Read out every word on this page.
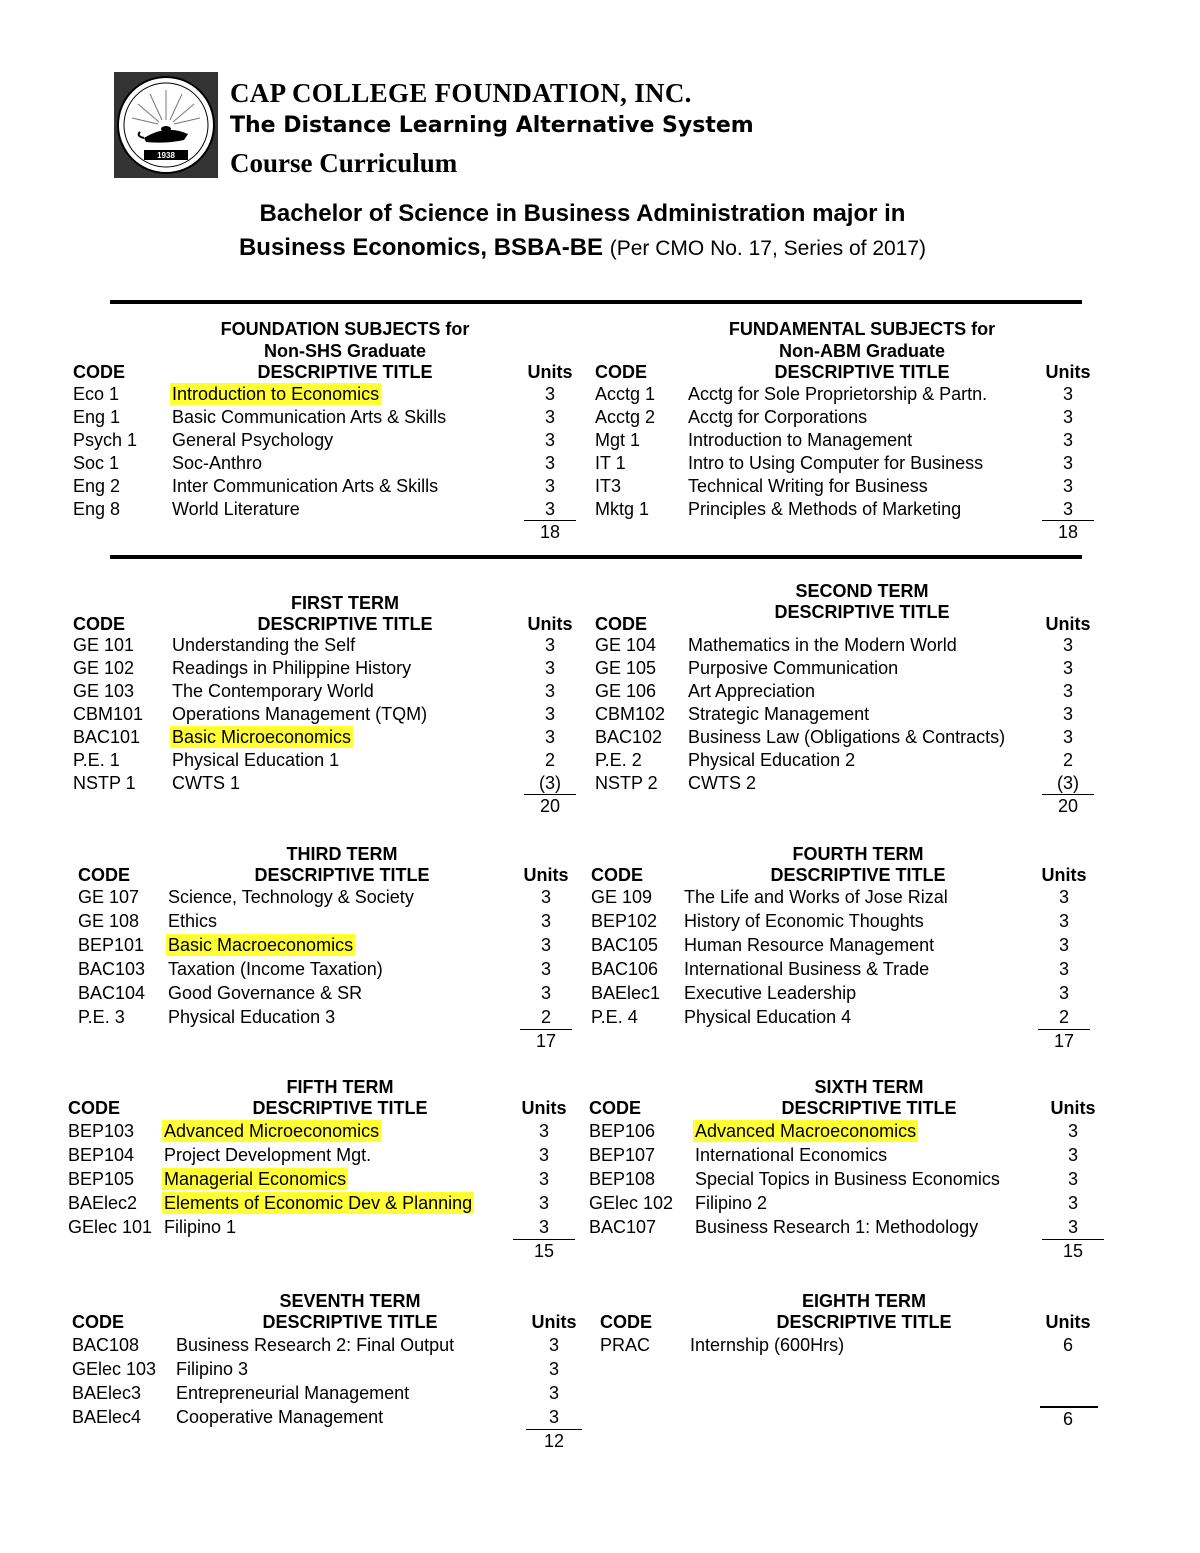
1938
CAP COLLEGE FOUNDATION, INC.
The Distance Learning Alternative System
Course Curriculum
Bachelor of Science in Business Administration major in
Business Economics, BSBA-BE (Per CMO No. 17, Series of 2017)
FOUNDATION SUBJECTS for
Non-SHS Graduate
CODE	DESCRIPTIVE TITLE	Units
Eco 1	Introduction to Economics	3
Eng 1	Basic Communication Arts & Skills	3
Psych 1 General Psychology	3
Soc 1	Soc-Anthro	3
Eng 2	Inter Communication Arts & Skills	3
Eng 8	World Literature	3
18
FUNDAMENTAL SUBJECTS for
Non-ABM Graduate
CODE	DESCRIPTIVE TITLE	Units
Acctg 1 Acctg for Sole Proprietorship & Partn.	3
Acctg 2 Acctg for Corporations	3
Mgt 1	Introduction to Management	3
IT 1	Intro to Using Computer for Business	3
IT3	Technical Writing for Business	3
Mktg 1 Principles & Methods of Marketing	3
18
FIRST TERM
CODE	DESCRIPTIVE TITLE	Units
GE 101 Understanding the Self	3
GE 102 Readings in Philippine History	3
GE 103 The Contemporary World	3
CBM101 Operations Management (TQM)	3
BAC101 Basic Microeconomics	3
P.E. 1	Physical Education 1	2
NSTP 1 CWTS 1	(3)
20
SECOND TERM
CODE
DESCRIPTIVE TITLE
Units
GE 104 Mathematics in the Modern World	3
GE 105 Purposive Communication	3
GE 106 Art Appreciation	3
CBM102 Strategic Management	3
BAC102 Business Law (Obligations & Contracts)	3
P.E. 2	Physical Education 2	2
NSTP 2 CWTS 2	(3)
20
THIRD TERM
CODE	DESCRIPTIVE TITLE	Units
GE 107 Science, Technology & Society	3
GE 108 Ethics	3
BEP101 Basic Macroeconomics	3
BAC103 Taxation (Income Taxation)	3
BAC104 Good Governance & SR	3
P.E. 3 Physical Education 3	2
17
FOURTH TERM
CODE	DESCRIPTIVE TITLE	Units
GE 109 The Life and Works of Jose Rizal	3
BEP102 History of Economic Thoughts	3
BAC105 Human Resource Management	3
BAC106 International Business & Trade	3
BAElec1 Executive Leadership	3
P.E. 4	Physical Education 4	2
17
FIFTH TERM
CODE	DESCRIPTIVE TITLE	Units
BEP103 Advanced Microeconomics	3
BEP104 Project Development Mgt.	3
BEP105 Managerial Economics	3
BAElec2 Elements of Economic Dev & Planning	3
GElec 101 Filipino 1	3
15
SIXTH TERM
CODE	DESCRIPTIVE TITLE	Units
BEP106 Advanced Macroeconomics	3
BEP107 International Economics	3
BEP108 Special Topics in Business Economics	3
GElec 102 Filipino 2	3
BAC107 Business Research 1: Methodology	3
15
SEVENTH TERM
CODE	DESCRIPTIVE TITLE	Units
BAC108 Business Research 2: Final Output	3
GElec 103 Filipino 3	3
BAElec3 Entrepreneurial Management	3
BAElec4 Cooperative Management	3
12
EIGHTH TERM
CODE	DESCRIPTIVE TITLE	Units
PRAC Internship (600Hrs)	6
6
